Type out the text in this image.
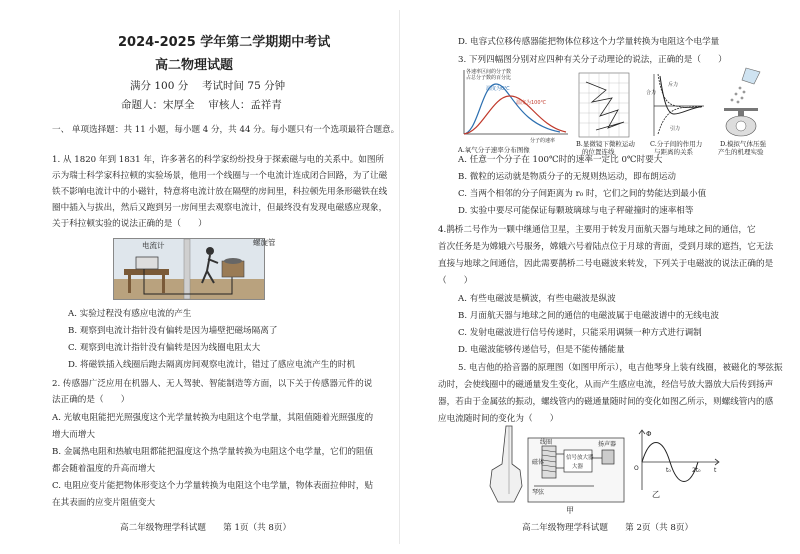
2024-2025 学年第二学期期中考试
高二物理试题
满分 100 分　 考试时间 75 分钟
命题人：宋厚全　 审核人：孟祥青
一、 单项选择题：共 11 小题，每小题 4 分，共 44 分。每小题只有一个选项最符合题意。
1. 从 1820 年到 1831 年，许多著名的科学家纷纷投身于探索磁与电的关系中。如图所
示为瑞士科学家科拉顿的实验场景，他用一个线圈与一个电流计连成闭合回路，为了让磁
铁不影响电流计中的小磁针，特意将电流计放在隔壁的房间里，科拉顿先用条形磁铁在线
圈中插入与拔出，然后又跑到另一房间里去观察电流计，但最终没有发现电磁感应现象，
关于科拉顿实验的说法正确的是（　　）
电流计	螺旋管
A. 实验过程没有感应电流的产生
B. 观察到电流计指针没有偏转是因为墙壁把磁场隔离了
C. 观察到电流计指针没有偏转是因为线圈电阻太大
D. 将磁铁插入线圈后跑去隔离房间观察电流计，错过了感应电流产生的时机
2. 传感器广泛应用在机器人、无人驾驶、智能制造等方面，以下关于传感器元件的说
法正确的是（　　）
A. 光敏电阻能把光照强度这个光学量转换为电阻这个电学量，其阻值随着光照强度的
增大而增大
B. 金属热电阻和热敏电阻都能把温度这个热学量转换为电阻这个电学量，它们的阻值
都会随着温度的升高而增大
C. 电阻应变片能把物体形变这个力学量转换为电阻这个电学量，物体表面拉伸时，贴
在其表面的应变片阻值变大
高二年级物理学科试题　　第 1页（共 8页）
D. 电容式位移传感器能把物体位移这个力学量转换为电阻这个电学量
3. 下列四幅图分别对应四种有关分子动理论的说法，正确的是（　　）
各速率区间的分子数
占总分子数的百分比
温度为0℃
温度为100℃
分子的速率
A.氧气分子速率分布图像
B.显微镜下微粒运动
的位置连线
合力
斥力
引力
C.分子间的作用力
与距离的关系
D.模拟气体压强
产生的机理实验
A. 任意一个分子在 100℃时的速率一定比 0℃时要大
B. 微粒的运动就是物质分子的无规则热运动，即布朗运动
C. 当两个相邻的分子间距离为 r₀ 时，它们之间的势能达到最小值
D. 实验中要尽可能保证每颗玻璃球与电子秤碰撞时的速率相等
4.鹊桥二号作为一颗中继通信卫星，主要用于转发月面航天器与地球之间的通信，它
首次任务是为嫦娥六号服务，嫦娥六号着陆点位于月球的背面，受到月球的遮挡，它无法
直接与地球之间通信，因此需要鹊桥二号电磁波来转发，下列关于电磁波的说法正确的是
（　　）
A. 有些电磁波是横波，有些电磁波是纵波
B. 月面航天器与地球之间的通信的电磁波属于电磁波谱中的无线电波
C. 发射电磁波进行信号传递时，只能采用调频一种方式进行调制
D. 电磁波能够传递信号，但是不能传播能量
5. 电吉他的拾音器的原理图（如图甲所示），电吉他琴身上装有线圈，被磁化的琴弦振
动时，会使线圈中的磁通量发生变化，从而产生感应电流，经信号放大器放大后传到扬声
器，若由于金属弦的振动，螺线管内的磁通量随时间的变化如图乙所示，则螺线管内的感
应电流随时间的变化为（　　）
线圈
磁体
琴弦
信号放大器
大器
扬声器
甲
Φ
O	t₀	2t₀ t
乙
高二年级物理学科试题　　第 2页（共 8页）
